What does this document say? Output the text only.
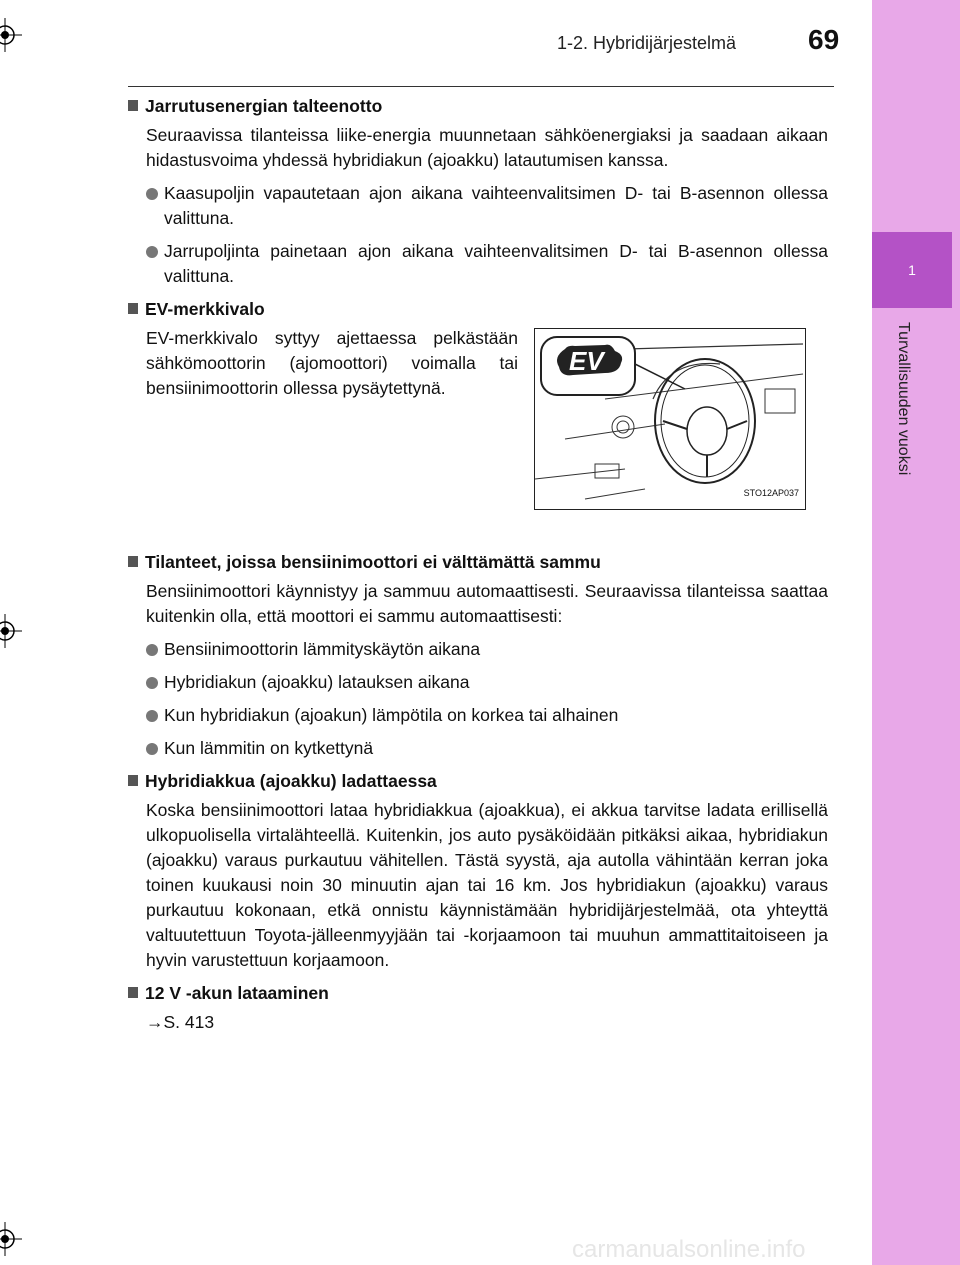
1
Turvallisuuden vuoksi
1-2. Hybridijärjestelmä	69
Jarrutusenergian talteenotto
Seuraavissa tilanteissa liike-energia muunnetaan sähköenergiaksi ja saadaan aikaan hidastusvoima yhdessä hybridiakun (ajoakku) latautumisen kanssa.
Kaasupoljin vapautetaan ajon aikana vaihteenvalitsimen D- tai B-asennon ollessa valittuna.
Jarrupoljinta painetaan ajon aikana vaihteenvalitsimen D- tai B-asennon ollessa valittuna.
EV-merkkivalo
EV-merkkivalo syttyy ajettaessa pelkästään sähkömoottorin (ajomoottori) voimalla tai bensiinimoottorin ollessa pysäytettynä.
EV
STO12AP037
Tilanteet, joissa bensiinimoottori ei välttämättä sammu
Bensiinimoottori käynnistyy ja sammuu automaattisesti. Seuraavissa tilanteissa saattaa kuitenkin olla, että moottori ei sammu automaattisesti:
Bensiinimoottorin lämmityskäytön aikana
Hybridiakun (ajoakku) latauksen aikana
Kun hybridiakun (ajoakun) lämpötila on korkea tai alhainen
Kun lämmitin on kytkettynä
Hybridiakkua (ajoakku) ladattaessa
Koska bensiinimoottori lataa hybridiakkua (ajoakkua), ei akkua tarvitse ladata erillisellä ulkopuolisella virtalähteellä. Kuitenkin, jos auto pysäköidään pitkäksi aikaa, hybridiakun (ajoakku) varaus purkautuu vähitellen. Tästä syystä, aja autolla vähintään kerran joka toinen kuukausi noin 30 minuutin ajan tai 16 km. Jos hybridiakun (ajoakku) varaus purkautuu kokonaan, etkä onnistu käynnistämään hybridijärjestelmää, ota yhteyttä valtuutettuun Toyota-jälleenmyyjään tai -korjaamoon tai muuhun ammattitaitoiseen ja hyvin varustettuun korjaamoon.
12 V -akun lataaminen
→S. 413
carmanualsonline.info
